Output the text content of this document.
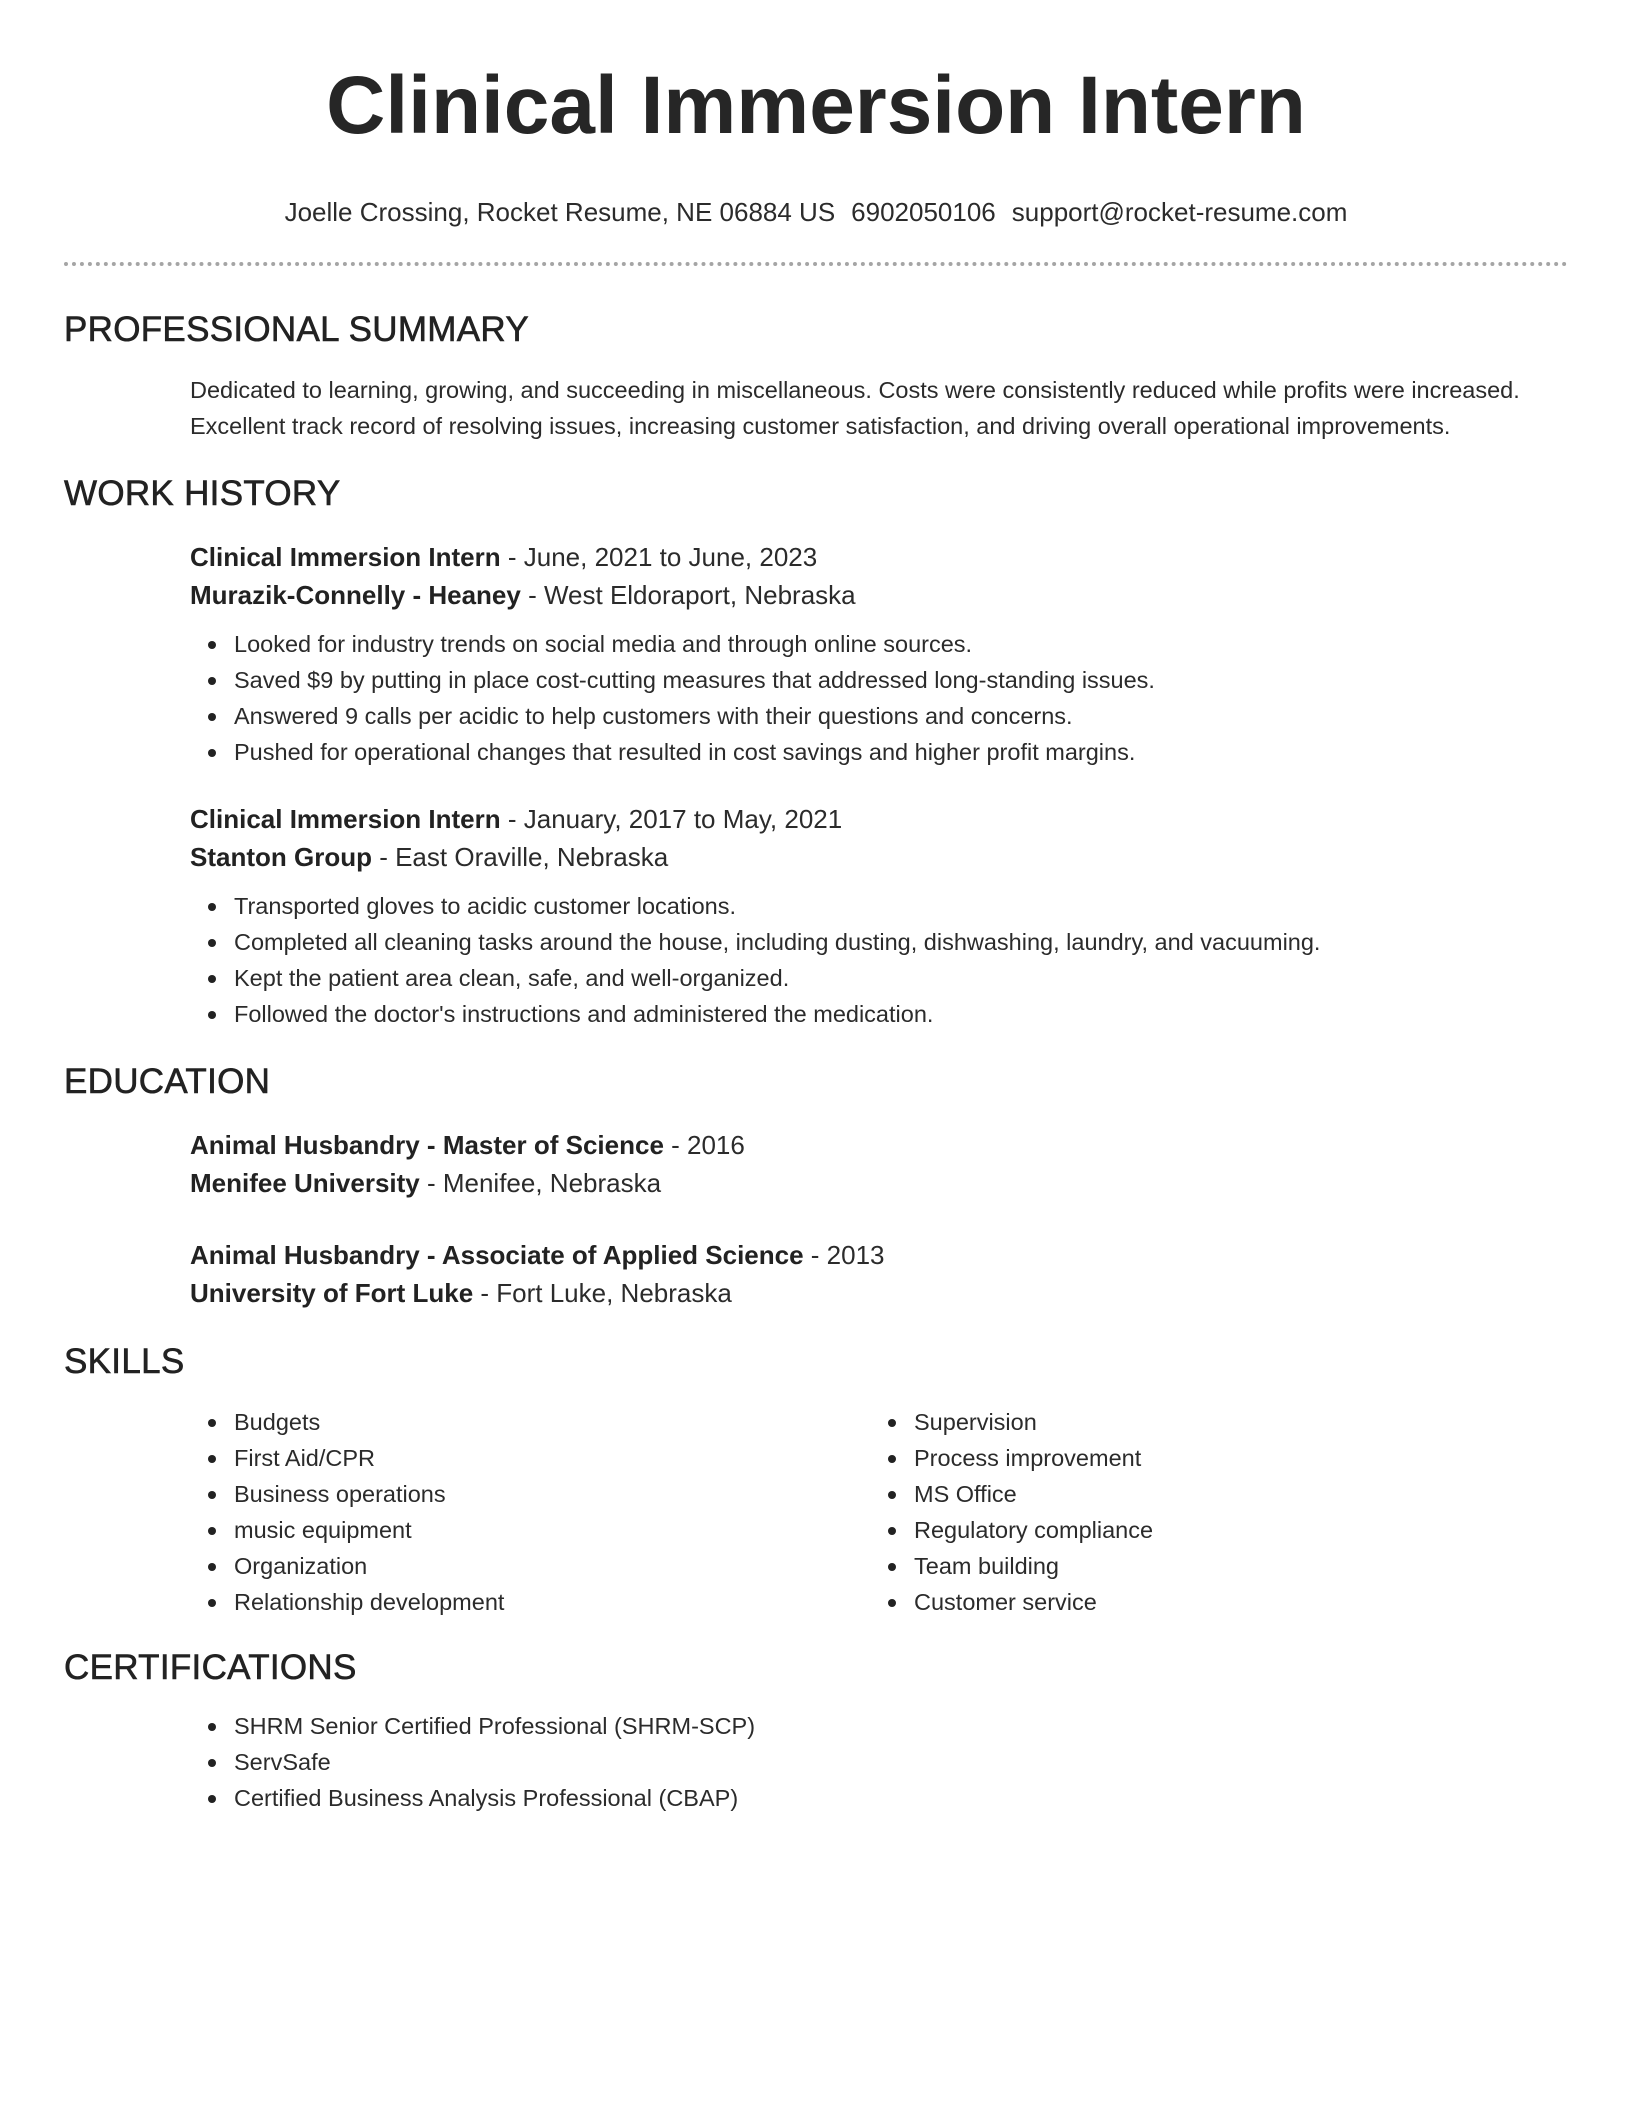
Clinical Immersion Intern
Joelle Crossing, Rocket Resume, NE 06884 US 6902050106 support@rocket-resume.com
PROFESSIONAL SUMMARY

Dedicated to learning, growing, and succeeding in miscellaneous. Costs were consistently reduced while profits were increased. Excellent track record of resolving issues, increasing customer satisfaction, and driving overall operational improvements.

WORK HISTORY
Clinical Immersion Intern - June, 2021 to June, 2023
Murazik-Connelly - Heaney - West Eldoraport, Nebraska
Looked for industry trends on social media and through online sources.
Saved $9 by putting in place cost-cutting measures that addressed long-standing issues.
Answered 9 calls per acidic to help customers with their questions and concerns.
Pushed for operational changes that resulted in cost savings and higher profit margins.
Clinical Immersion Intern - January, 2017 to May, 2021
Stanton Group - East Oraville, Nebraska
Transported gloves to acidic customer locations.
Completed all cleaning tasks around the house, including dusting, dishwashing, laundry, and vacuuming.
Kept the patient area clean, safe, and well-organized.
Followed the doctor's instructions and administered the medication.
EDUCATION
Animal Husbandry - Master of Science - 2016
Menifee University - Menifee, Nebraska
Animal Husbandry - Associate of Applied Science - 2013
University of Fort Luke - Fort Luke, Nebraska
SKILLS
Budgets
First Aid/CPR
Business operations
music equipment
Organization
Relationship development
Supervision
Process improvement
MS Office
Regulatory compliance
Team building
Customer service
CERTIFICATIONS
SHRM Senior Certified Professional (SHRM-SCP)
ServSafe
Certified Business Analysis Professional (CBAP)
